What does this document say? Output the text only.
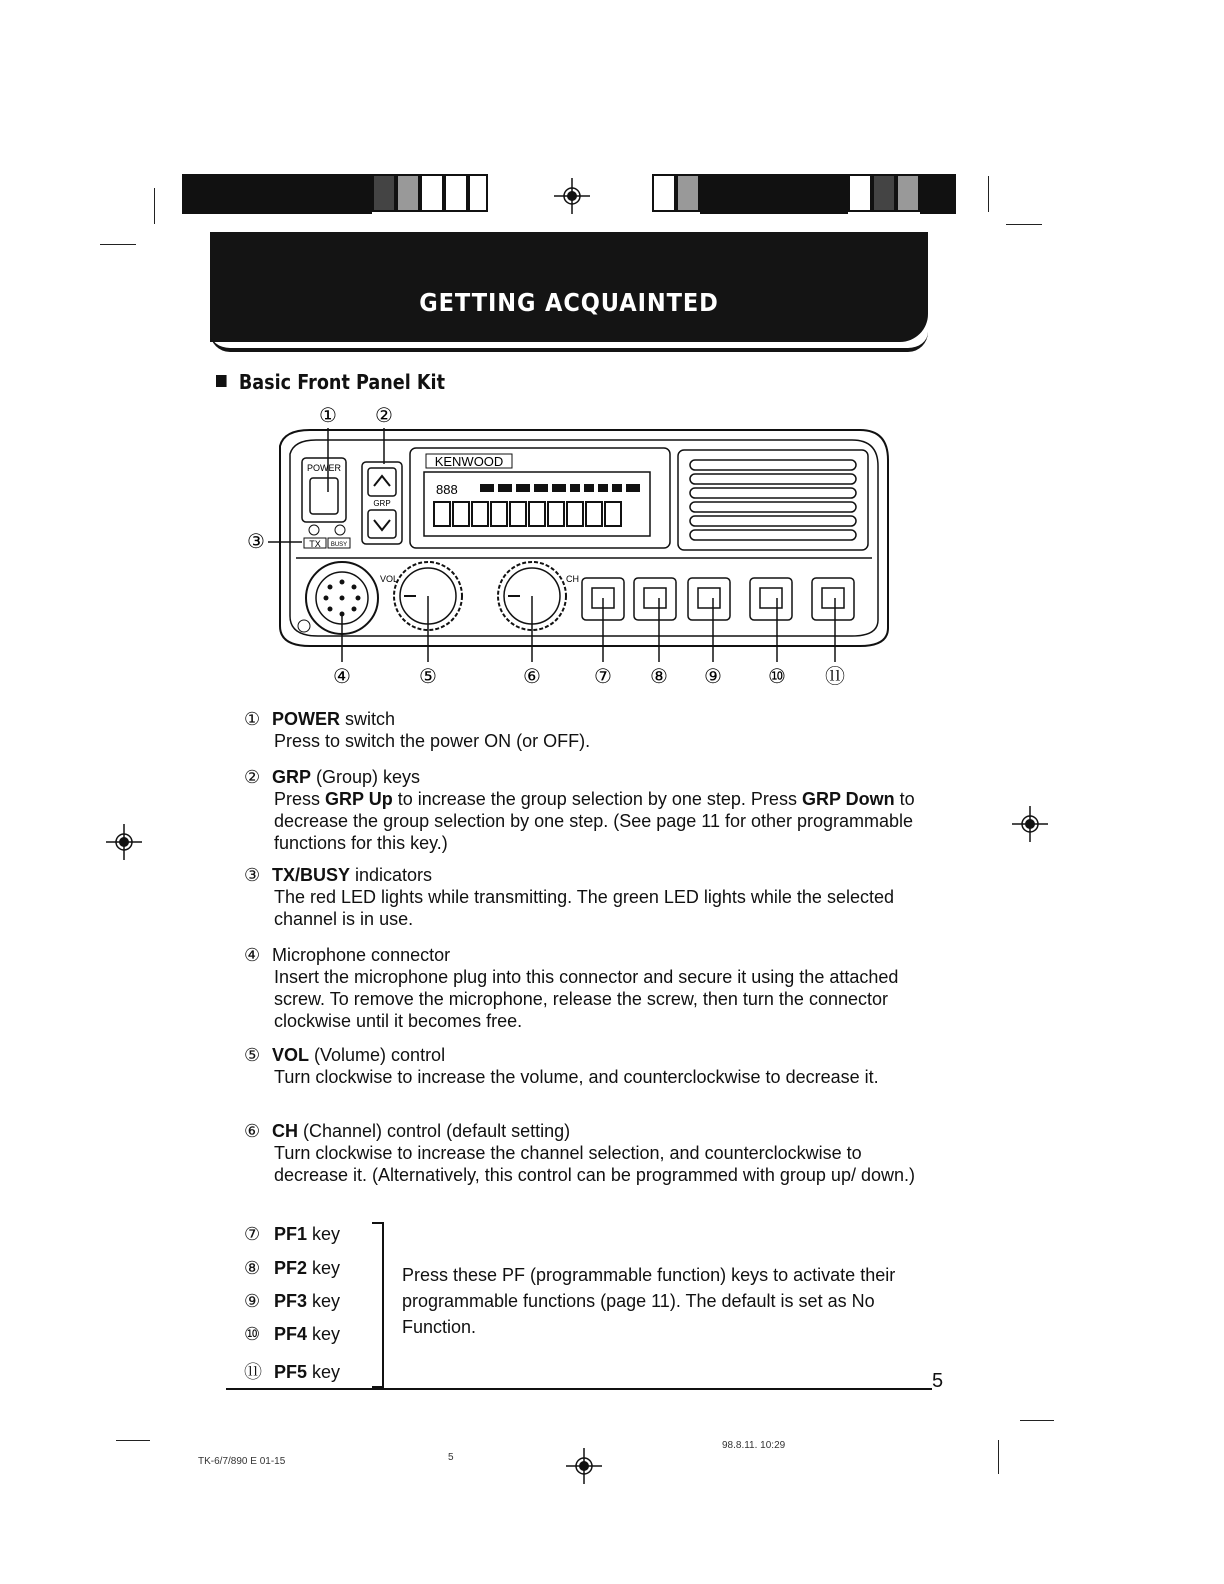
GETTING ACQUAINTED
Basic Front Panel Kit
① ②
POWER
TX BUSY
GRP
KENWOOD
888
VOL	CH
③
④	⑤	⑥	⑦ ⑧ ⑨ ⑩ ⑪
① POWER switch
Press to switch the power ON (or OFF).
② GRP (Group) keys
Press GRP Up to increase the group selection by one step. Press GRP Down to decrease the group selection by one step. (See page 11 for other programmable functions for this key.)
③ TX/BUSY indicators
The red LED lights while transmitting. The green LED lights while the selected channel is in use.
④ Microphone connector
Insert the microphone plug into this connector and secure it using the attached screw. To remove the microphone, release the screw, then turn the connector clockwise until it becomes free.
⑤ VOL (Volume) control
Turn clockwise to increase the volume, and counterclockwise to decrease it.
⑥ CH (Channel) control (default setting)
Turn clockwise to increase the channel selection, and counterclockwise to decrease it. (Alternatively, this control can be programmed with group up/ down.)
⑦ PF1 key
⑧ PF2 key
⑨ PF3 key
⑩ PF4 key
⑪ PF5 key
Press these PF (programmable function) keys to activate their programmable functions (page 11). The default is set as No Function.
5
TK-6/7/890 E 01-15	5
98.8.11. 10:29
